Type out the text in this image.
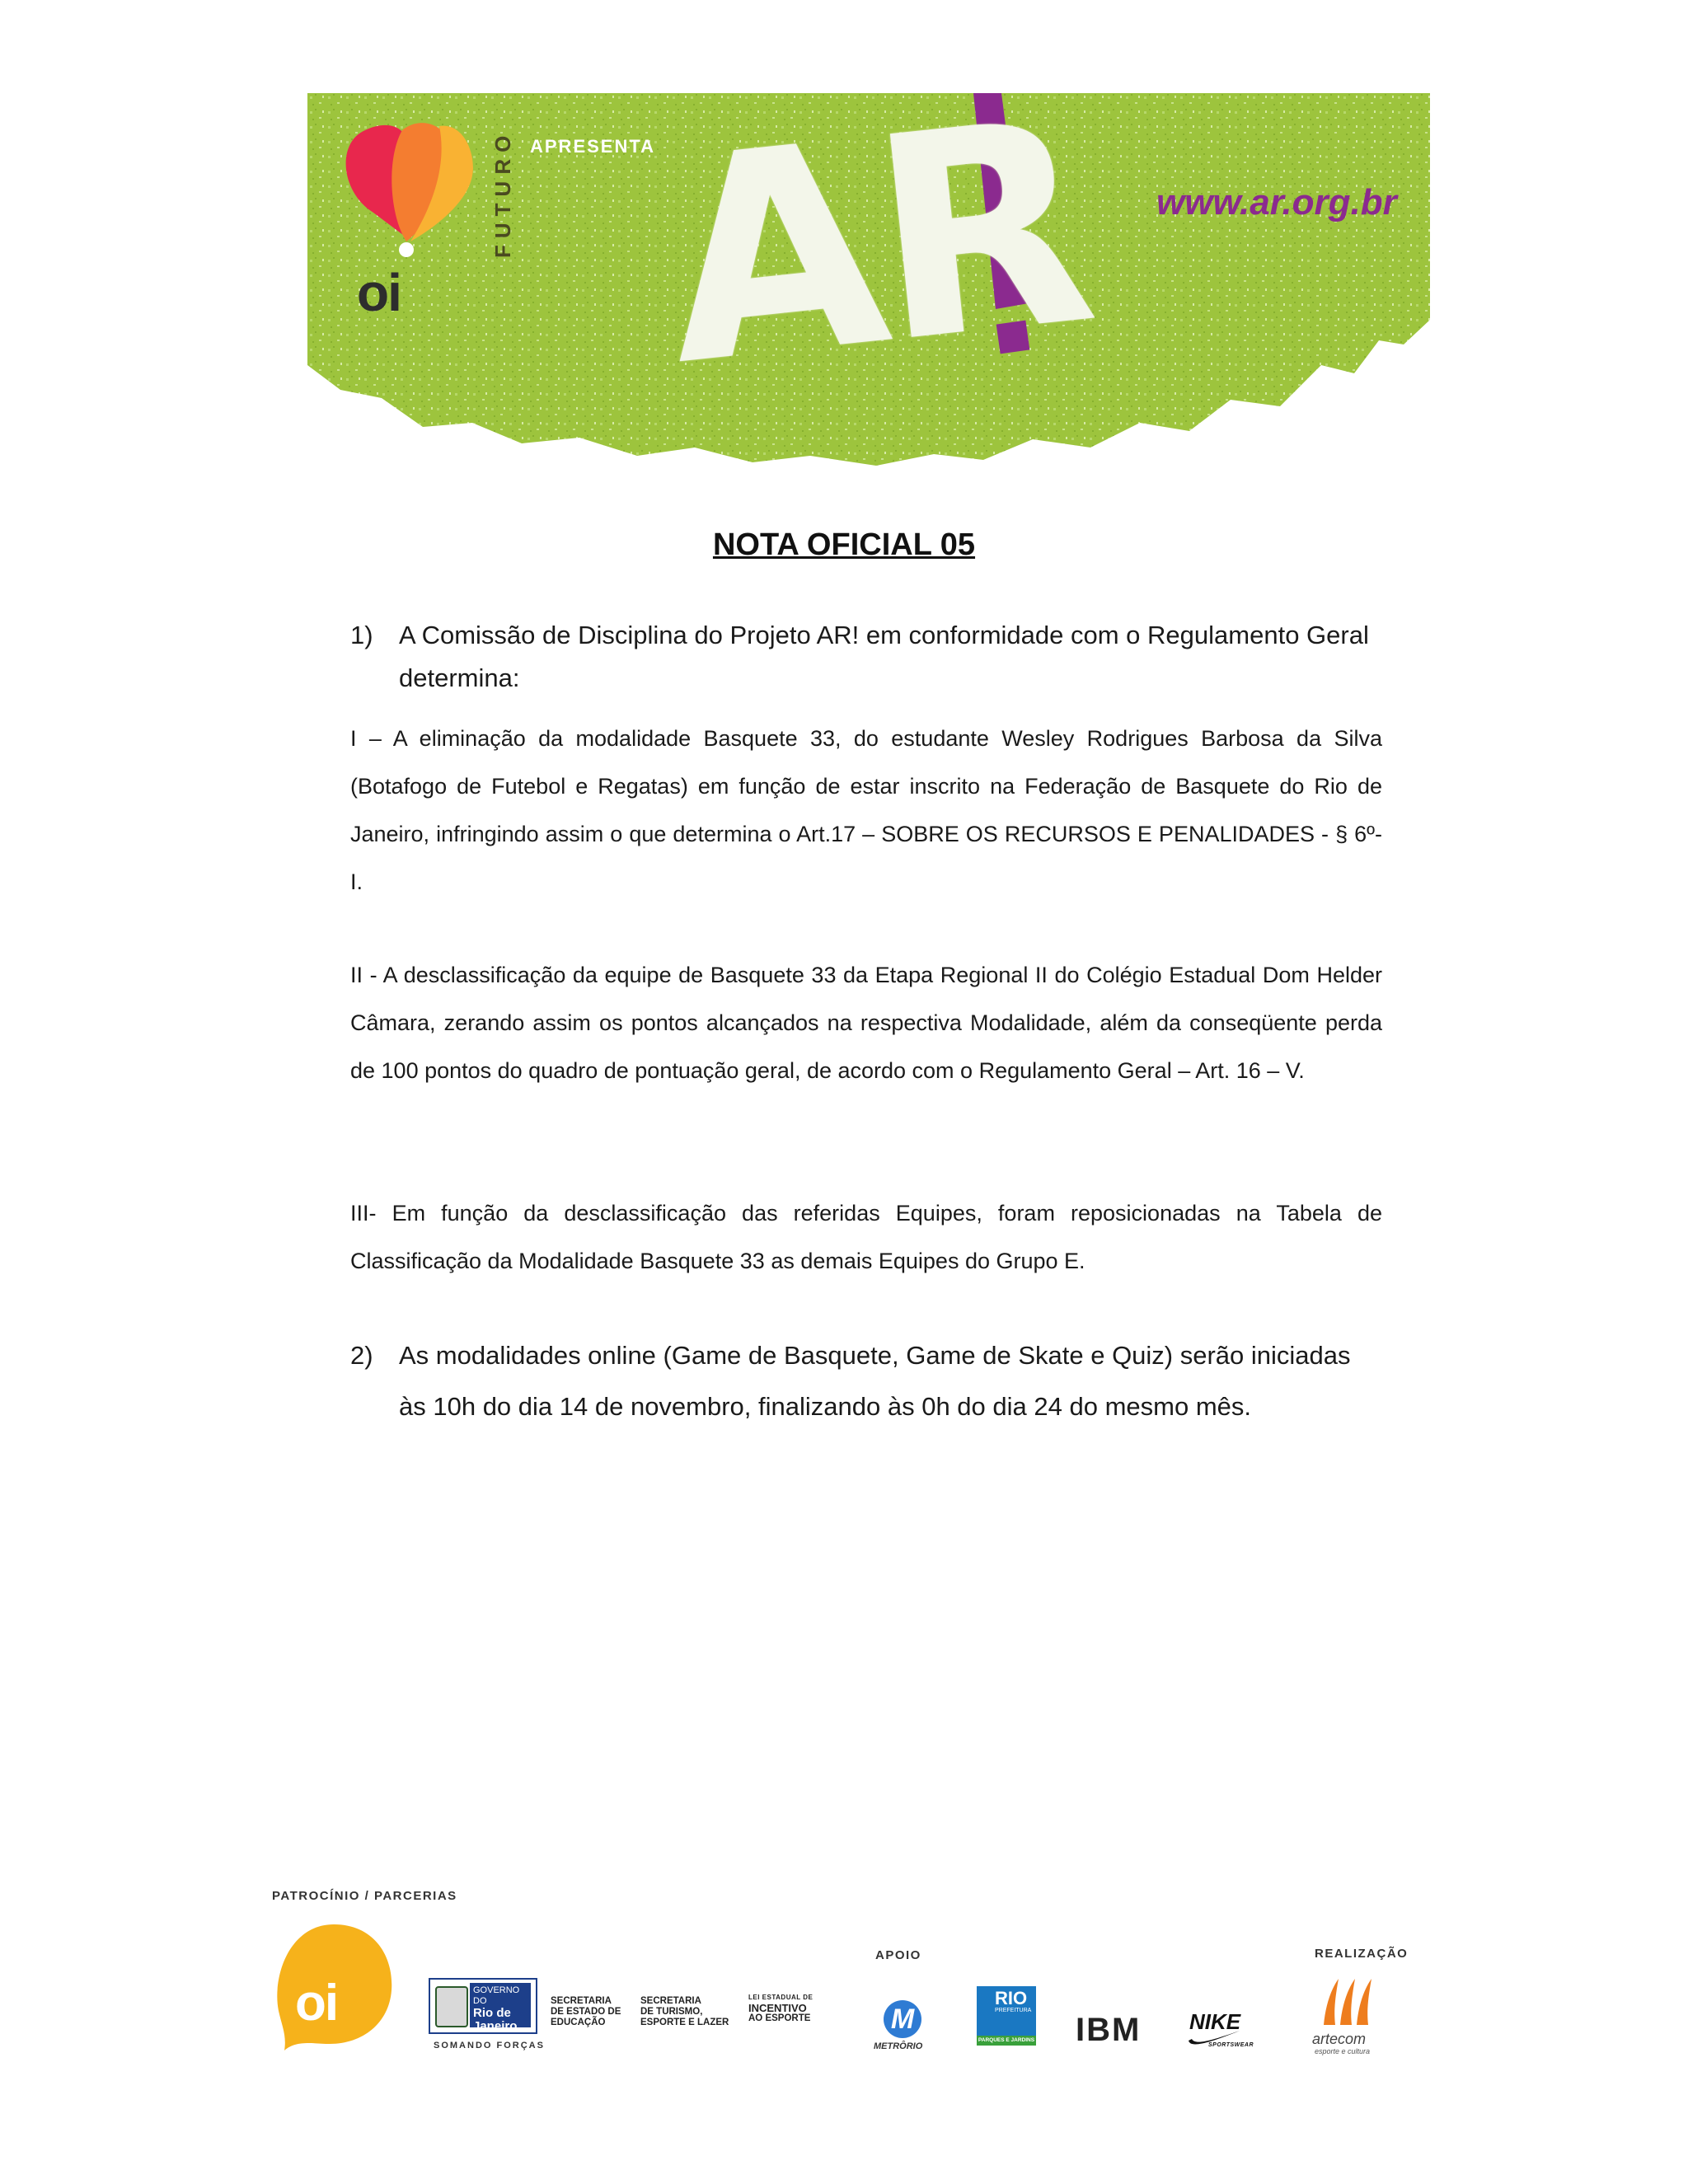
oi
FUTURO APRESENTA
AR www.ar.org.br
NOTA OFICIAL 05
1) A Comissão de Disciplina do Projeto AR! em conformidade com o Regulamento Geral determina:
I – A eliminação da modalidade Basquete 33, do estudante Wesley Rodrigues Barbosa da Silva (Botafogo de Futebol e Regatas) em função de estar inscrito na Federação de Basquete do Rio de Janeiro, infringindo assim o que determina o Art.17 – SOBRE OS RECURSOS E PENALIDADES - § 6º- I.
II - A desclassificação da equipe de Basquete 33 da Etapa Regional II do Colégio Estadual Dom Helder Câmara, zerando assim os pontos alcançados na respectiva Modalidade, além da conseqüente perda de 100 pontos do quadro de pontuação geral, de acordo com o Regulamento Geral – Art. 16 – V.
III- Em função da desclassificação das referidas Equipes, foram reposicionadas na Tabela de Classificação da Modalidade Basquete 33 as demais Equipes do Grupo E.
2) As modalidades online (Game de Basquete, Game de Skate e Quiz) serão iniciadas às 10h do dia 14 de novembro, finalizando às 0h do dia 24 do mesmo mês.
PATROCÍNIO / PARCERIAS
APOIO	REALIZAÇÃO
oi	GOVERNO DO
Rio de Janeiro
SOMANDO FORÇAS
SECRETARIA
DE ESTADO DE
EDUCAÇÃO
SECRETARIA
DE TURISMO,
ESPORTE E LAZER
LEI ESTADUAL DE
INCENTIVO
AO ESPORTE	M
METRÔRIO
RIO
PREFEITURA
PARQUES E JARDINS IBM NIKE
SPORTSWEAR	artecom
esporte e cultura
